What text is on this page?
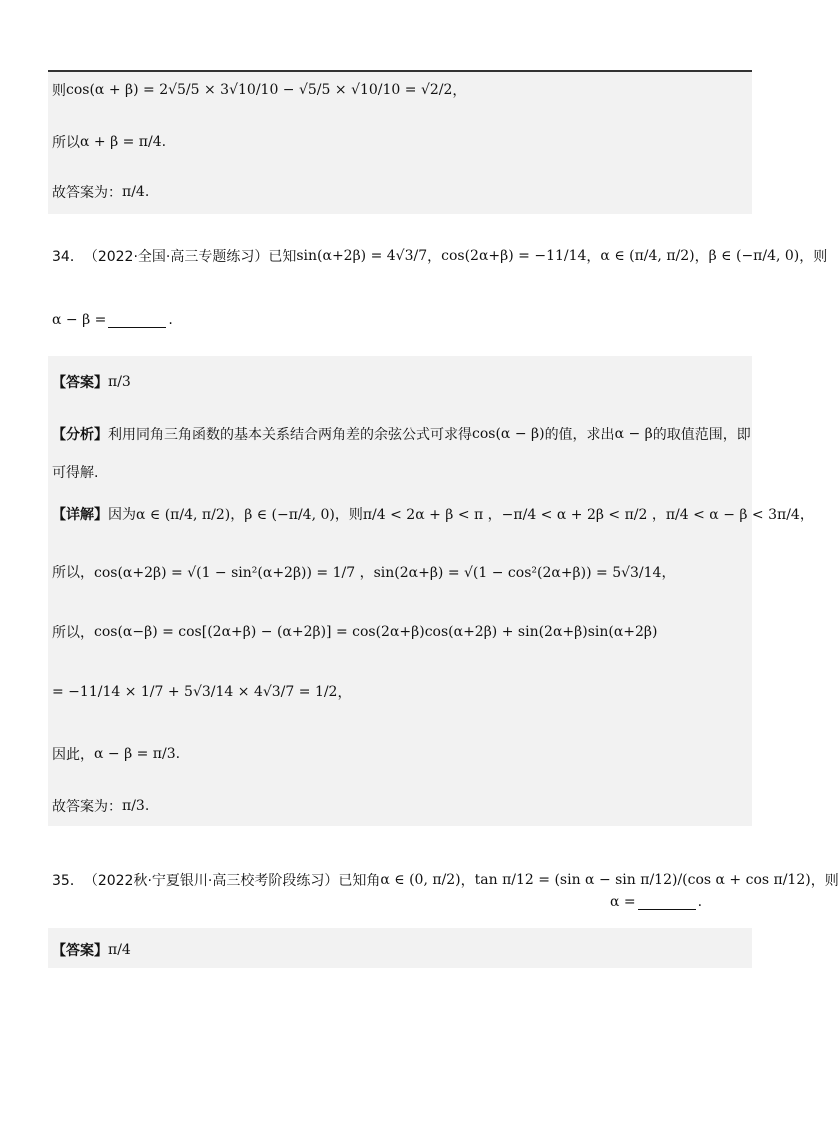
则 cos(α + β) = 2√5/5 × 3√10/10 − √5/5 × √10/10 = √2/2 ，
所以 α + β = π/4 .
故答案为： π/4 .
34． （2022·全国·高三专题练习）已知 sin(α+2β) = 4√3/7 ， cos(2α+β) = −11/14 ， α ∈ (π/4, π/2) ， β ∈ (−π/4, 0) ，则
α − β =	.
【答案】 π/3
【分析】 利用同角三角函数的基本关系结合两角差的余弦公式可求得 cos(α − β) 的值，求出 α − β 的取值范围，即
可得解.
【详解】 因为 α ∈ (π/4, π/2)，β ∈ (−π/4, 0) ，则 π/4 < 2α + β < π ，−π/4 < α + 2β < π/2 ，π/4 < α − β < 3π/4 ，
所以， cos(α+2β) = √(1 − sin²(α+2β)) = 1/7 ，sin(2α+β) = √(1 − cos²(2α+β)) = 5√3/14 ，
所以， cos(α−β) = cos[(2α+β) − (α+2β)] = cos(2α+β)cos(α+2β) + sin(2α+β)sin(α+2β)
= −11/14 × 1/7 + 5√3/14 × 4√3/7 = 1/2 ，
因此， α − β = π/3 .
故答案为： π/3 .
35． （2022秋·宁夏银川·高三校考阶段练习）已知角 α ∈ (0, π/2) ， tan π/12 = (sin α − sin π/12)/(cos α + cos π/12) ，则
α =	.
【答案】 π/4
